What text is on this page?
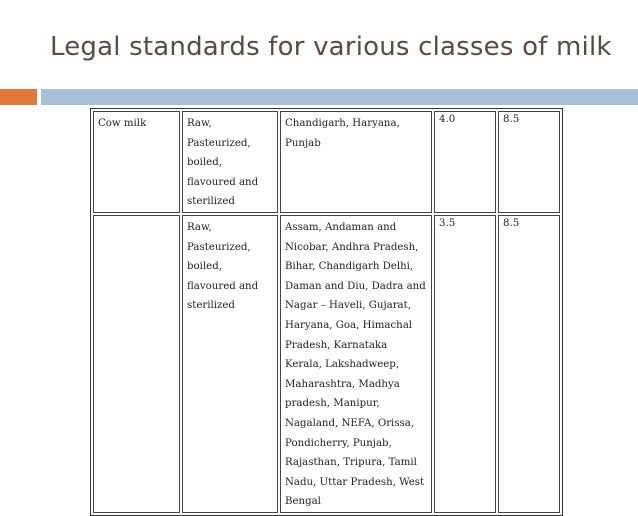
Legal standards for various classes of milk
Cow milk	Raw, Pasteurized, boiled, flavoured and sterilized	Chandigarh, Haryana, Punjab	4.0	8.5
	Raw, Pasteurized, boiled, flavoured and sterilized	Assam, Andaman and Nicobar, Andhra Pradesh, Bihar, Chandigarh Delhi, Daman and Diu, Dadra and Nagar – Haveli, Gujarat, Haryana, Goa, Himachal Pradesh, Karnataka Kerala, Lakshadweep, Maharashtra, Madhya pradesh, Manipur, Nagaland, NEFA, Orissa, Pondicherry, Punjab, Rajasthan, Tripura, Tamil Nadu, Uttar Pradesh, West Bengal	3.5	8.5
